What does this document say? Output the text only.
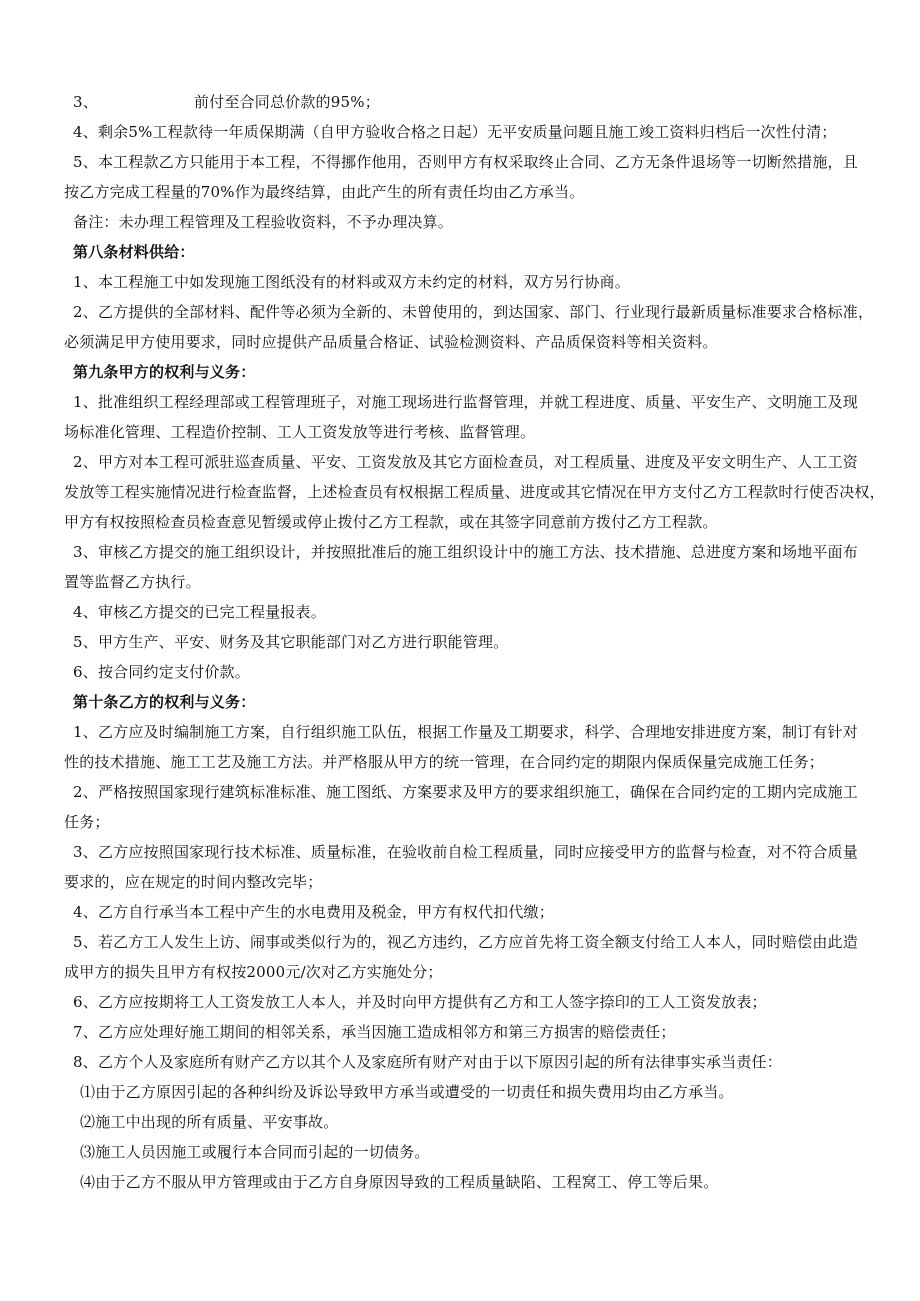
3、	前付至合同总价款的95%；
4、剩余5%工程款待一年质保期满（自甲方验收合格之日起）无平安质量问题且施工竣工资料归档后一次性付清；
5、本工程款乙方只能用于本工程，不得挪作他用，否则甲方有权采取终止合同、乙方无条件退场等一切断然措施，且
按乙方完成工程量的70%作为最终结算，由此产生的所有责任均由乙方承当。
备注：未办理工程管理及工程验收资料，不予办理决算。
第八条材料供给：
1、本工程施工中如发现施工图纸没有的材料或双方未约定的材料，双方另行协商。
2、乙方提供的全部材料、配件等必须为全新的、未曾使用的，到达国家、部门、行业现行最新质量标准要求合格标准，
必须满足甲方使用要求，同时应提供产品质量合格证、试验检测资料、产品质保资料等相关资料。
第九条甲方的权利与义务：
1、批准组织工程经理部或工程管理班子，对施工现场进行监督管理，并就工程进度、质量、平安生产、文明施工及现
场标准化管理、工程造价控制、工人工资发放等进行考核、监督管理。
2、甲方对本工程可派驻巡查质量、平安、工资发放及其它方面检查员，对工程质量、进度及平安文明生产、人工工资
发放等工程实施情况进行检查监督，上述检查员有权根据工程质量、进度或其它情况在甲方支付乙方工程款时行使否决权，
甲方有权按照检查员检查意见暂缓或停止拨付乙方工程款，或在其签字同意前方拨付乙方工程款。
3、审核乙方提交的施工组织设计，并按照批准后的施工组织设计中的施工方法、技术措施、总进度方案和场地平面布
置等监督乙方执行。
4、审核乙方提交的已完工程量报表。
5、甲方生产、平安、财务及其它职能部门对乙方进行职能管理。
6、按合同约定支付价款。
第十条乙方的权利与义务：
1、乙方应及时编制施工方案，自行组织施工队伍，根据工作量及工期要求，科学、合理地安排进度方案，制订有针对
性的技术措施、施工工艺及施工方法。并严格服从甲方的统一管理，在合同约定的期限内保质保量完成施工任务；
2、严格按照国家现行建筑标准标准、施工图纸、方案要求及甲方的要求组织施工，确保在合同约定的工期内完成施工
任务；
3、乙方应按照国家现行技术标准、质量标准，在验收前自检工程质量，同时应接受甲方的监督与检查，对不符合质量
要求的，应在规定的时间内整改完毕；
4、乙方自行承当本工程中产生的水电费用及税金，甲方有权代扣代缴；
5、若乙方工人发生上访、闹事或类似行为的，视乙方违约，乙方应首先将工资全额支付给工人本人，同时赔偿由此造
成甲方的损失且甲方有权按2000元/次对乙方实施处分；
6、乙方应按期将工人工资发放工人本人，并及时向甲方提供有乙方和工人签字捺印的工人工资发放表；
7、乙方应处理好施工期间的相邻关系，承当因施工造成相邻方和第三方损害的赔偿责任；
8、乙方个人及家庭所有财产乙方以其个人及家庭所有财产对由于以下原因引起的所有法律事实承当责任：
⑴由于乙方原因引起的各种纠纷及诉讼导致甲方承当或遭受的一切责任和损失费用均由乙方承当。
⑵施工中出现的所有质量、平安事故。
⑶施工人员因施工或履行本合同而引起的一切债务。
⑷由于乙方不服从甲方管理或由于乙方自身原因导致的工程质量缺陷、工程窝工、停工等后果。
